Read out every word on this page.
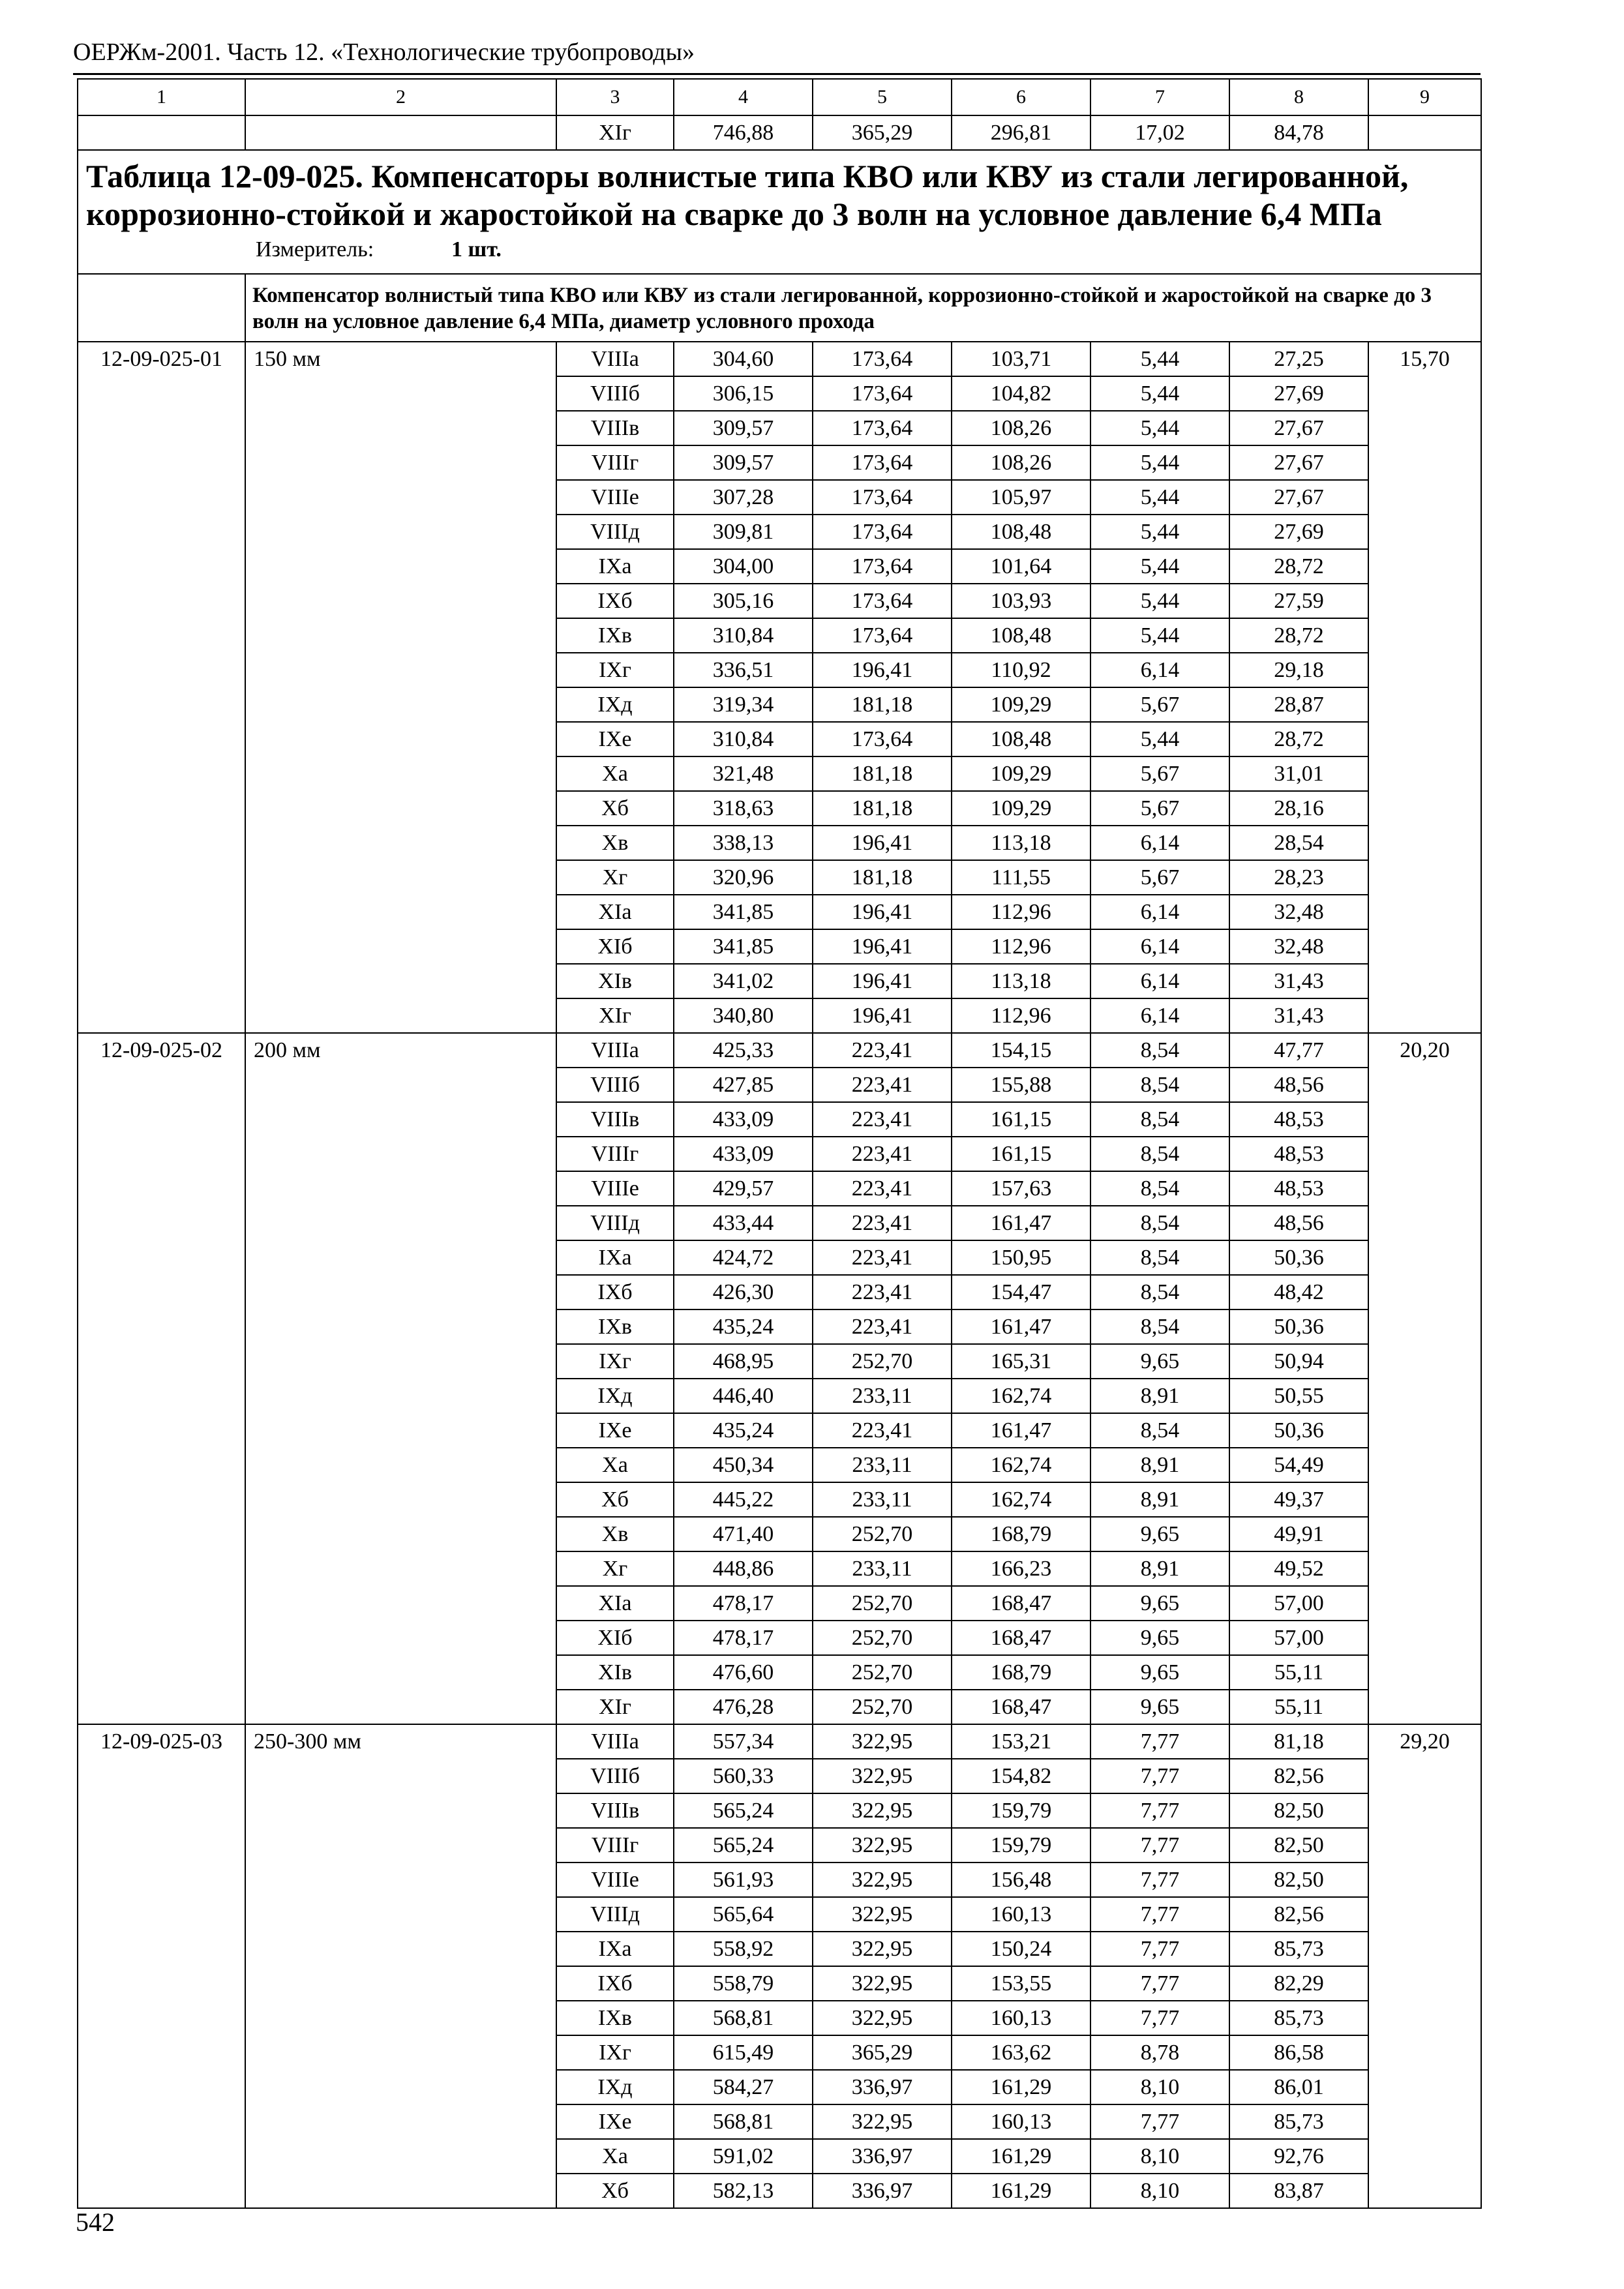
ОЕРЖм-2001. Часть 12. «Технологические трубопроводы»
1	2	3	4	5	6	7	8	9
		XIг	746,88	365,29	296,81	17,02	84,78	

Таблица 12-09-025. Компенсаторы волнистые типа КВО или КВУ из стали легированной, коррозионно-стойкой и жаростойкой на сварке до 3 волн на условное давление 6,4 МПа
Измеритель: 1 шт.								

	Компенсатор волнистый типа КВО или КВУ из стали легированной, коррозионно-стойкой и жаростойкой на сварке до 3 волн на условное давление 6,4 МПа, диаметр условного прохода							
12-09-025-01	150 мм	VIIIа	304,60	173,64	103,71	5,44	27,25	15,70
		VIIIб	306,15	173,64	104,82	5,44	27,69	
		VIIIв	309,57	173,64	108,26	5,44	27,67	
		VIIIг	309,57	173,64	108,26	5,44	27,67	
		VIIIе	307,28	173,64	105,97	5,44	27,67	
		VIIIд	309,81	173,64	108,48	5,44	27,69	
		IXа	304,00	173,64	101,64	5,44	28,72	
		IXб	305,16	173,64	103,93	5,44	27,59	
		IXв	310,84	173,64	108,48	5,44	28,72	
		IXг	336,51	196,41	110,92	6,14	29,18	
		IXд	319,34	181,18	109,29	5,67	28,87	
		IXе	310,84	173,64	108,48	5,44	28,72	
		Xа	321,48	181,18	109,29	5,67	31,01	
		Xб	318,63	181,18	109,29	5,67	28,16	
		Xв	338,13	196,41	113,18	6,14	28,54	
		Xг	320,96	181,18	111,55	5,67	28,23	
		XIа	341,85	196,41	112,96	6,14	32,48	
		XIб	341,85	196,41	112,96	6,14	32,48	
		XIв	341,02	196,41	113,18	6,14	31,43	
		XIг	340,80	196,41	112,96	6,14	31,43	
12-09-025-02	200 мм	VIIIа	425,33	223,41	154,15	8,54	47,77	20,20
		VIIIб	427,85	223,41	155,88	8,54	48,56	
		VIIIв	433,09	223,41	161,15	8,54	48,53	
		VIIIг	433,09	223,41	161,15	8,54	48,53	
		VIIIе	429,57	223,41	157,63	8,54	48,53	
		VIIIд	433,44	223,41	161,47	8,54	48,56	
		IXа	424,72	223,41	150,95	8,54	50,36	
		IXб	426,30	223,41	154,47	8,54	48,42	
		IXв	435,24	223,41	161,47	8,54	50,36	
		IXг	468,95	252,70	165,31	9,65	50,94	
		IXд	446,40	233,11	162,74	8,91	50,55	
		IXе	435,24	223,41	161,47	8,54	50,36	
		Xа	450,34	233,11	162,74	8,91	54,49	
		Xб	445,22	233,11	162,74	8,91	49,37	
		Xв	471,40	252,70	168,79	9,65	49,91	
		Xг	448,86	233,11	166,23	8,91	49,52	
		XIа	478,17	252,70	168,47	9,65	57,00	
		XIб	478,17	252,70	168,47	9,65	57,00	
		XIв	476,60	252,70	168,79	9,65	55,11	
		XIг	476,28	252,70	168,47	9,65	55,11	
12-09-025-03	250-300 мм	VIIIа	557,34	322,95	153,21	7,77	81,18	29,20
		VIIIб	560,33	322,95	154,82	7,77	82,56	
		VIIIв	565,24	322,95	159,79	7,77	82,50	
		VIIIг	565,24	322,95	159,79	7,77	82,50	
		VIIIе	561,93	322,95	156,48	7,77	82,50	
		VIIIд	565,64	322,95	160,13	7,77	82,56	
		IXа	558,92	322,95	150,24	7,77	85,73	
		IXб	558,79	322,95	153,55	7,77	82,29	
		IXв	568,81	322,95	160,13	7,77	85,73	
		IXг	615,49	365,29	163,62	8,78	86,58	
		IXд	584,27	336,97	161,29	8,10	86,01	
		IXе	568,81	322,95	160,13	7,77	85,73	
		Xа	591,02	336,97	161,29	8,10	92,76	
		Xб	582,13	336,97	161,29	8,10	83,87	
542
